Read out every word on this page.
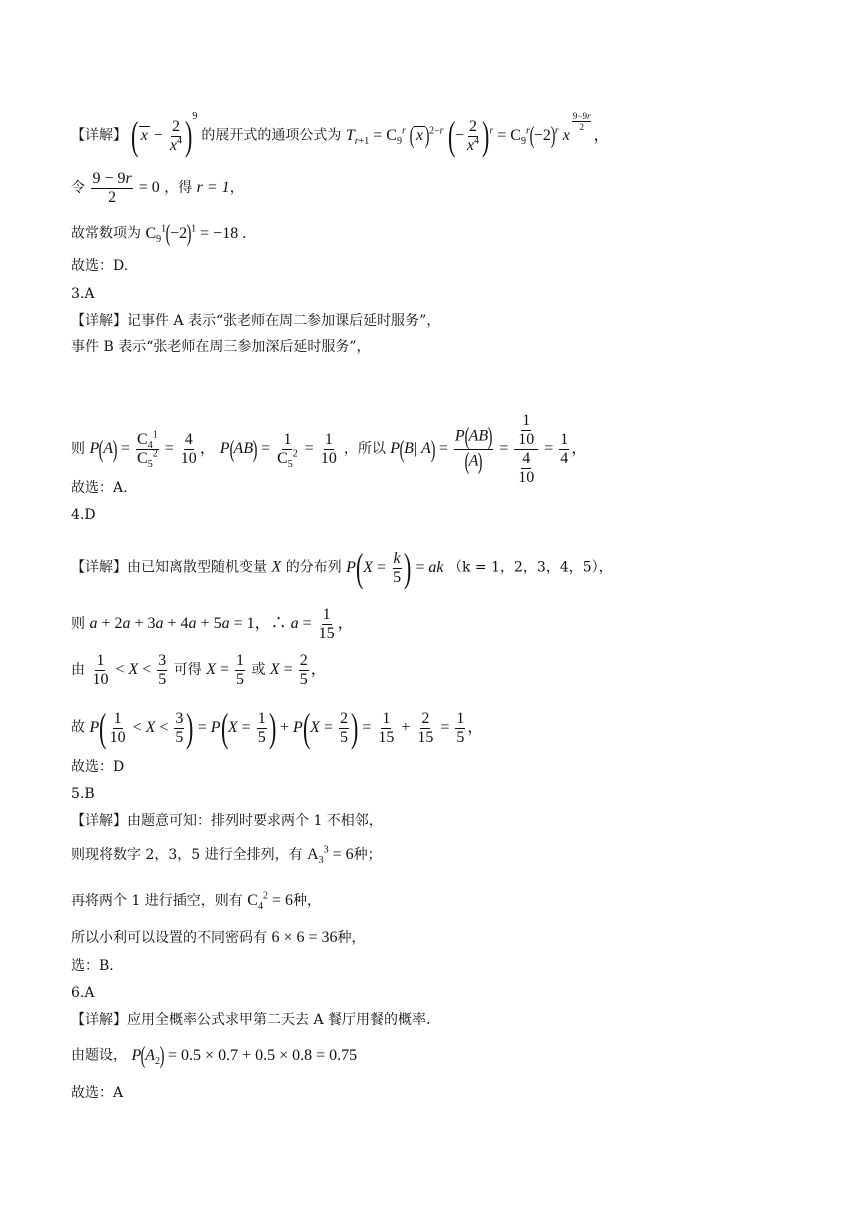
【详解】 ( $x - \frac{2}{x^4} )^9$ 的展开式的通项公式为 $T_{r+1} = C_9^r$ ( x)$^{2-r}$ (− $\frac{2}{x^4} )^r = C_9^r(-2)^r$ x
$^{\frac{9-9r}{2}}$
，
令 $\frac{9 - 9r}{2} = 0$ ，得 r = 1，
故常数项为 $C_9^1(-2)^1 = -18$ .
故选：D.
3.A
【详解】记事件 A 表示“张老师在周二参加课后延时服务”，
事件 B 表示“张老师在周三参加深后延时服务”，
则 $P(A) = \frac{C_4^1}{C_5^2} = \frac{4}{10}$ ， $P(AB) = \frac{1}{C_5^2} = \frac{1}{10}$ ，所以 P(B| $A) = \frac{P(AB)}{(A)} = \frac{\frac{1}{10}}{\frac{4}{10}} = \frac{1}{4}$ ，
故选：A.
4.D
【详解】由已知离散型随机变量 X 的分布列 $P(X = \frac{k}{5}$ ) = ak （k = 1，2，3，4，5），
则 a + 2a + 3a + 4a + 5a = 1，∴ $a = \frac{1}{15}$ ，
由 $\frac{1}{10} < X < \frac{3}{5}$ 可得 $X = \frac{1}{5}$ 或 $X = \frac{2}{5}$ ，
故 $P( \frac{1}{10} < X < \frac{3}{5}$ ) = $P(X = \frac{1}{5}$ ) + $P(X = \frac{2}{5}$ ) = $\frac{1}{15} + \frac{2}{15} = \frac{1}{5}$ ，
故选：D
5.B
【详解】由题意可知：排列时要求两个 1 不相邻，
则现将数字 2，3，5 进行全排列，有 $A_3^3 = 6$种；
再将两个 1 进行插空，则有 $C_4^2 = 6$种，
所以小利可以设置的不同密码有 6 × 6 = 36种，
选：B.
6.A
【详解】应用全概率公式求甲第二天去 A 餐厅用餐的概率.
由题设， $P(A_2) = 0.5 \times 0.7 + 0.5 \times 0.8 = 0.75$
故选：A
